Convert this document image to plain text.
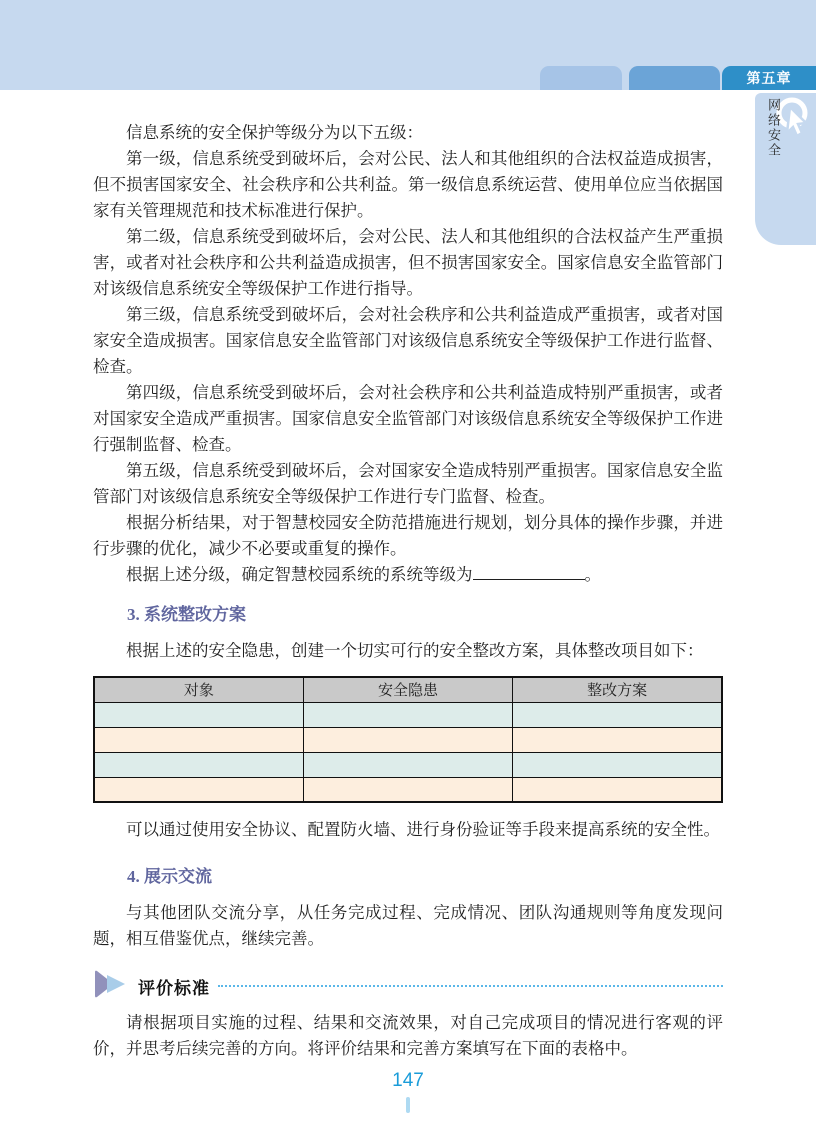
第五章
网络安全

信息系统的安全保护等级分为以下五级：

第一级，信息系统受到破坏后，会对公民、法人和其他组织的合法权益造成损害，但不损害国家安全、社会秩序和公共利益。第一级信息系统运营、使用单位应当依据国家有关管理规范和技术标准进行保护。

第二级，信息系统受到破坏后，会对公民、法人和其他组织的合法权益产生严重损害，或者对社会秩序和公共利益造成损害，但不损害国家安全。国家信息安全监管部门对该级信息系统安全等级保护工作进行指导。

第三级，信息系统受到破坏后，会对社会秩序和公共利益造成严重损害，或者对国家安全造成损害。国家信息安全监管部门对该级信息系统安全等级保护工作进行监督、检查。

第四级，信息系统受到破坏后，会对社会秩序和公共利益造成特别严重损害，或者对国家安全造成严重损害。国家信息安全监管部门对该级信息系统安全等级保护工作进行强制监督、检查。

第五级，信息系统受到破坏后，会对国家安全造成特别严重损害。国家信息安全监管部门对该级信息系统安全等级保护工作进行专门监督、检查。

根据分析结果，对于智慧校园安全防范措施进行规划，划分具体的操作步骤，并进行步骤的优化，减少不必要或重复的操作。

根据上述分级，确定智慧校园系统的系统等级为	。

3. 系统整改方案

根据上述的安全隐患，创建一个切实可行的安全整改方案，具体整改项目如下：

对象	安全隐患	整改方案

可以通过使用安全协议、配置防火墙、进行身份验证等手段来提高系统的安全性。

4. 展示交流

与其他团队交流分享，从任务完成过程、完成情况、团队沟通规则等角度发现问题，相互借鉴优点，继续完善。

评价标准

请根据项目实施的过程、结果和交流效果，对自己完成项目的情况进行客观的评价，并思考后续完善的方向。将评价结果和完善方案填写在下面的表格中。

147
